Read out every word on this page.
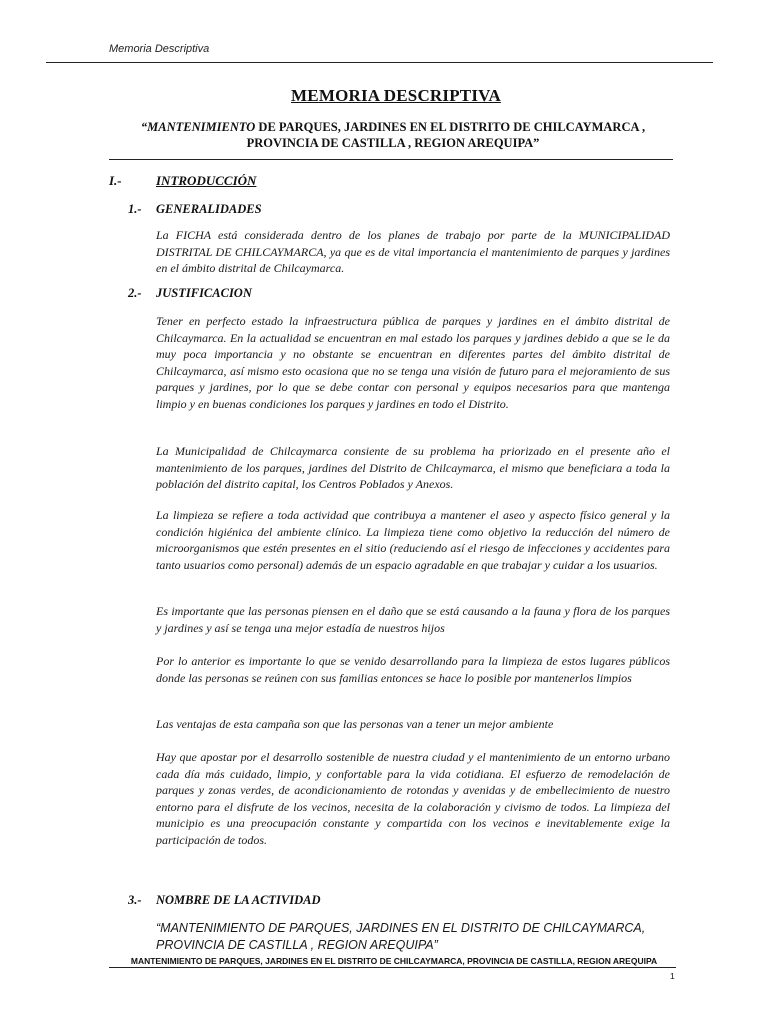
Memoria Descriptiva
MEMORIA DESCRIPTIVA
“MANTENIMIENTO DE PARQUES, JARDINES EN EL DISTRITO DE CHILCAYMARCA , PROVINCIA DE CASTILLA , REGION AREQUIPA”
I.-	INTRODUCCIÓN
1.- GENERALIDADES
La FICHA está considerada dentro de los planes de trabajo por parte de la MUNICIPALIDAD DISTRITAL DE CHILCAYMARCA, ya que es de vital importancia el mantenimiento de parques y jardines en el ámbito distrital de Chilcaymarca.
2.- JUSTIFICACION
Tener en perfecto estado la infraestructura pública de parques y jardines en el ámbito distrital de Chilcaymarca. En la actualidad se encuentran en mal estado los parques y jardines debido a que se le da muy poca importancia y no obstante se encuentran en diferentes partes del ámbito distrital de Chilcaymarca, así mismo esto ocasiona que no se tenga una visión de futuro para el mejoramiento de sus parques y jardines, por lo que se debe contar con personal y equipos necesarios para que mantenga limpio y en buenas condiciones los parques y jardines en todo el Distrito.
La Municipalidad de Chilcaymarca consiente de su problema ha priorizado en el presente año el mantenimiento de los parques, jardines del Distrito de Chilcaymarca, el mismo que beneficiara a toda la población del distrito capital, los Centros Poblados y Anexos.
La limpieza se refiere a toda actividad que contribuya a mantener el aseo y aspecto físico general y la condición higiénica del ambiente clínico. La limpieza tiene como objetivo la reducción del número de microorganismos que estén presentes en el sitio (reduciendo así el riesgo de infecciones y accidentes para tanto usuarios como personal) además de un espacio agradable en que trabajar y cuidar a los usuarios.
Es importante que las personas piensen en el daño que se está causando a la fauna y flora de los parques y jardines y así se tenga una mejor estadía de nuestros hijos
Por lo anterior es importante lo que se venido desarrollando para la limpieza de estos lugares públicos donde las personas se reúnen con sus familias entonces se hace lo posible por mantenerlos limpios
Las ventajas de esta campaña son que las personas van a tener un mejor ambiente
Hay que apostar por el desarrollo sostenible de nuestra ciudad y el mantenimiento de un entorno urbano cada día más cuidado, limpio, y confortable para la vida cotidiana. El esfuerzo de remodelación de parques y zonas verdes, de acondicionamiento de rotondas y avenidas y de embellecimiento de nuestro entorno para el disfrute de los vecinos, necesita de la colaboración y civismo de todos. La limpieza del municipio es una preocupación constante y compartida con los vecinos e inevitablemente exige la participación de todos.
3.- NOMBRE DE LA ACTIVIDAD
“MANTENIMIENTO DE PARQUES, JARDINES EN EL DISTRITO DE CHILCAYMARCA, PROVINCIA DE CASTILLA , REGION AREQUIPA”
MANTENIMIENTO DE PARQUES, JARDINES EN EL DISTRITO DE CHILCAYMARCA, PROVINCIA DE CASTILLA, REGION AREQUIPA
1
